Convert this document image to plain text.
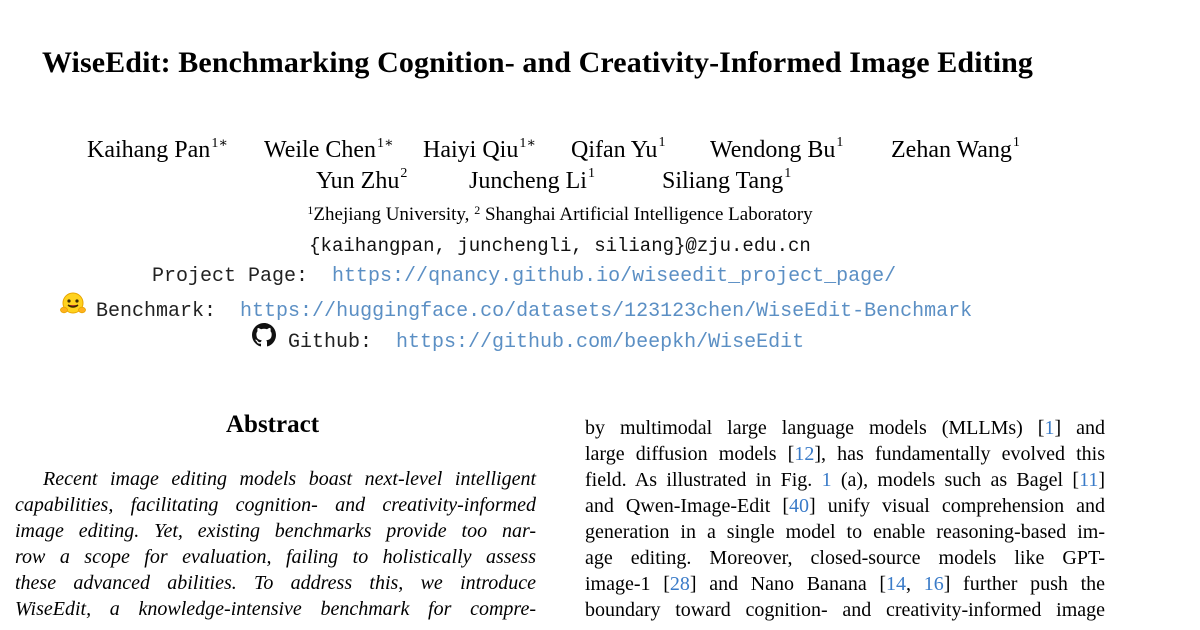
WiseEdit: Benchmarking Cognition- and Creativity-Informed Image Editing
Kaihang Pan$^{1∗}$ Weile Chen$^{1∗}$ Haiyi Qiu$^{1∗}$ Qifan Yu$^1$ Wendong Bu$^1$ Zehan Wang$^1$
Yun Zhu$^2$	Juncheng Li$^1$	Siliang Tang$^1$
$^1$Zhejiang University, $^2$ Shanghai Artificial Intelligence Laboratory
{kaihangpan, junchengli, siliang}@zju.edu.cn
Project Page: https://qnancy.github.io/wiseedit_project_page/
Benchmark: https://huggingface.co/datasets/123123chen/WiseEdit-Benchmark
Github: https://github.com/beepkh/WiseEdit
Abstract
Recent image editing models boast next-level intelligent
capabilities, facilitating cognition- and creativity-informed
image editing. Yet, existing benchmarks provide too nar-
row a scope for evaluation, failing to holistically assess
these advanced abilities. To address this, we introduce
WiseEdit, a knowledge-intensive benchmark for compre-
by multimodal large language models (MLLMs) [1] and
large diffusion models [12], has fundamentally evolved this
field. As illustrated in Fig. 1 (a), models such as Bagel [11]
and Qwen-Image-Edit [40] unify visual comprehension and
generation in a single model to enable reasoning-based im-
age editing. Moreover, closed-source models like GPT-
image-1 [28] and Nano Banana [14, 16] further push the
boundary toward cognition- and creativity-informed image
